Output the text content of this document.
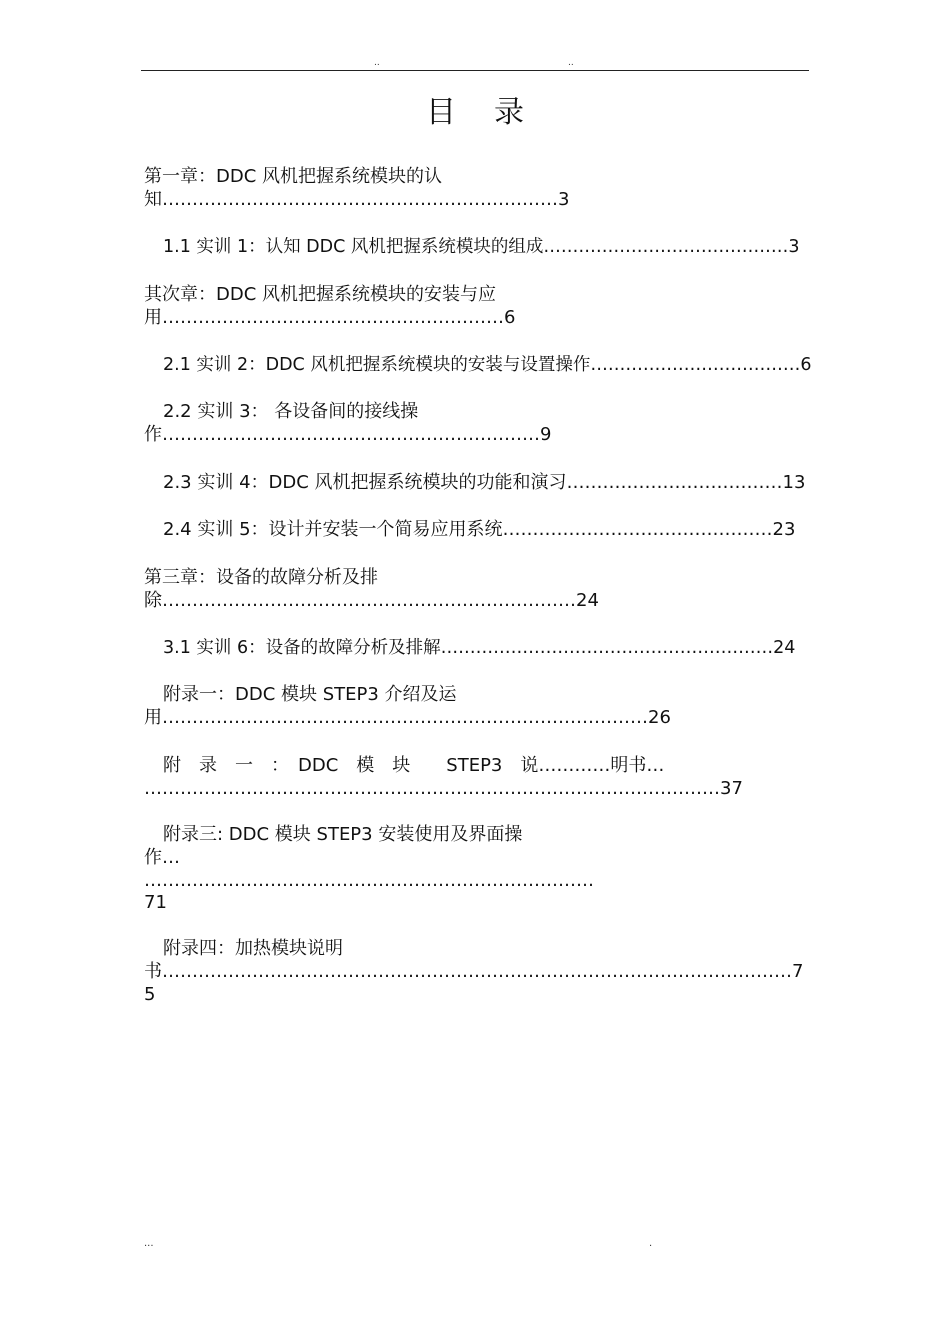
..	..
目录
第一章：DDC 风机把握系统模块的认
知…………………………………………………………3
1.1 实训 1：认知 DDC 风机把握系统模块的组成……………………………………3
其次章：DDC 风机把握系统模块的安装与应
用…………………………………………………6
2.1 实训 2：DDC 风机把握系统模块的安装与设置操作………………………………6
2.2 实训 3： 各设备间的接线操
作………………………………………………………9
2.3 实训 4：DDC 风机把握系统模块的功能和演习………………………………13
2.4 实训 5：设计并安装一个简易应用系统………………………………………23
第三章：设备的故障分析及排
除……………………………………………………………24
3.1 实训 6：设备的故障分析及排解…………………………………………………24
附录一：DDC 模块 STEP3 介绍及运
用………………………………………………………………………26
附　录　一　：　DDC　模　块　　STEP3　说…………明书…
……………………………………………………………………………………37
附录三: DDC 模块 STEP3 安装使用及界面操
作…
…………………………………………………………………
71
附录四：加热模块说明
书……………………………………………………………………………………………7
5
...	.
